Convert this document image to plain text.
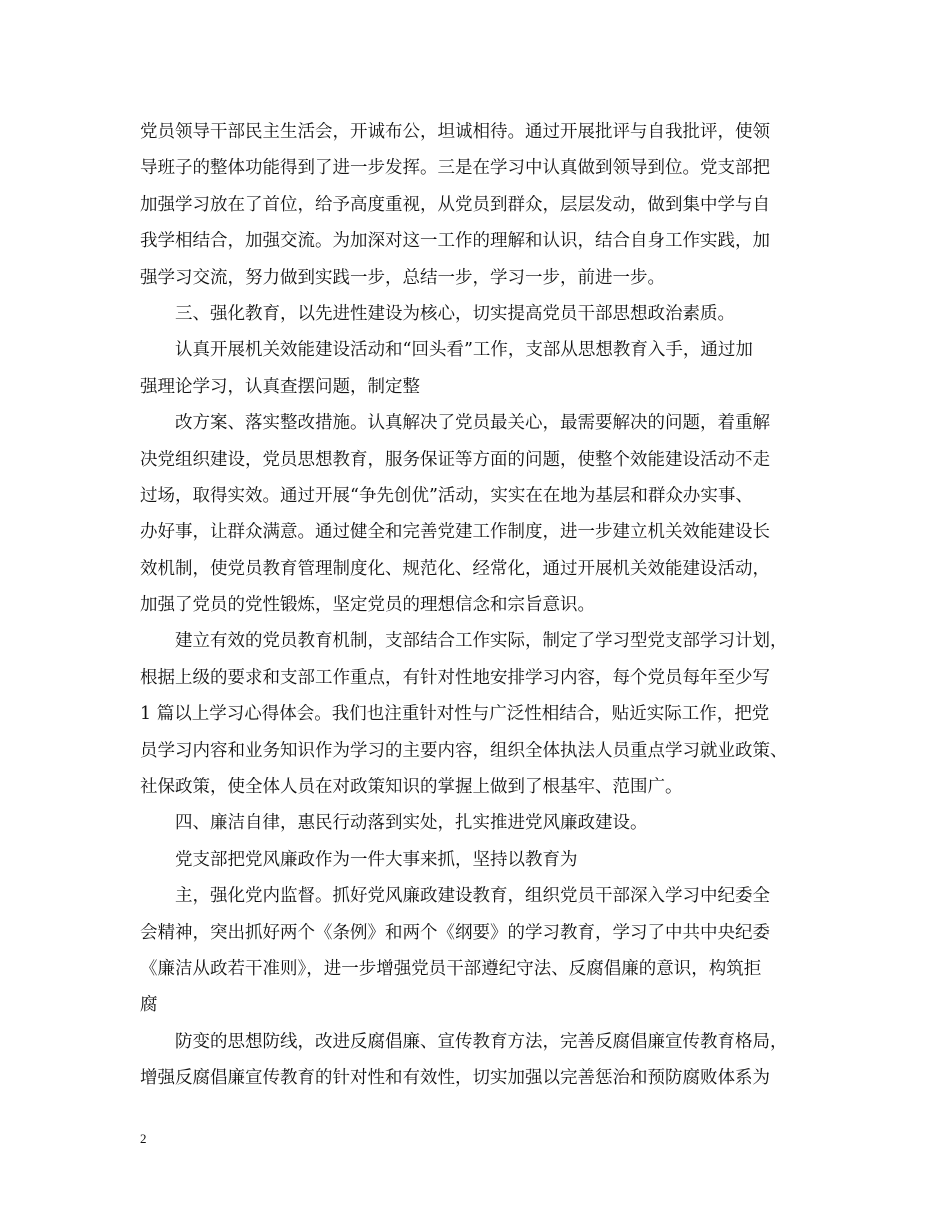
党员领导干部民主生活会，开诚布公，坦诚相待。通过开展批评与自我批评，使领
导班子的整体功能得到了进一步发挥。三是在学习中认真做到领导到位。党支部把
加强学习放在了首位，给予高度重视，从党员到群众，层层发动，做到集中学与自
我学相结合，加强交流。为加深对这一工作的理解和认识，结合自身工作实践，加
强学习交流，努力做到实践一步，总结一步，学习一步，前进一步。
三、强化教育，以先进性建设为核心，切实提高党员干部思想政治素质。
认真开展机关效能建设活动和“回头看”工作，支部从思想教育入手，通过加
强理论学习，认真查摆问题，制定整
改方案、落实整改措施。认真解决了党员最关心，最需要解决的问题，着重解
决党组织建设，党员思想教育，服务保证等方面的问题，使整个效能建设活动不走
过场，取得实效。通过开展“争先创优”活动，实实在在地为基层和群众办实事、
办好事，让群众满意。通过健全和完善党建工作制度，进一步建立机关效能建设长
效机制，使党员教育管理制度化、规范化、经常化，通过开展机关效能建设活动，
加强了党员的党性锻炼，坚定党员的理想信念和宗旨意识。
建立有效的党员教育机制，支部结合工作实际，制定了学习型党支部学习计划，
根据上级的要求和支部工作重点，有针对性地安排学习内容，每个党员每年至少写
1 篇以上学习心得体会。我们也注重针对性与广泛性相结合，贴近实际工作，把党
员学习内容和业务知识作为学习的主要内容，组织全体执法人员重点学习就业政策、
社保政策，使全体人员在对政策知识的掌握上做到了根基牢、范围广。
四、廉洁自律，惠民行动落到实处，扎实推进党风廉政建设。
党支部把党风廉政作为一件大事来抓，坚持以教育为
主，强化党内监督。抓好党风廉政建设教育，组织党员干部深入学习中纪委全
会精神，突出抓好两个《条例》和两个《纲要》的学习教育，学习了中共中央纪委
《廉洁从政若干准则》，进一步增强党员干部遵纪守法、反腐倡廉的意识，构筑拒
腐
防变的思想防线，改进反腐倡廉、宣传教育方法，完善反腐倡廉宣传教育格局，
增强反腐倡廉宣传教育的针对性和有效性，切实加强以完善惩治和预防腐败体系为
2
